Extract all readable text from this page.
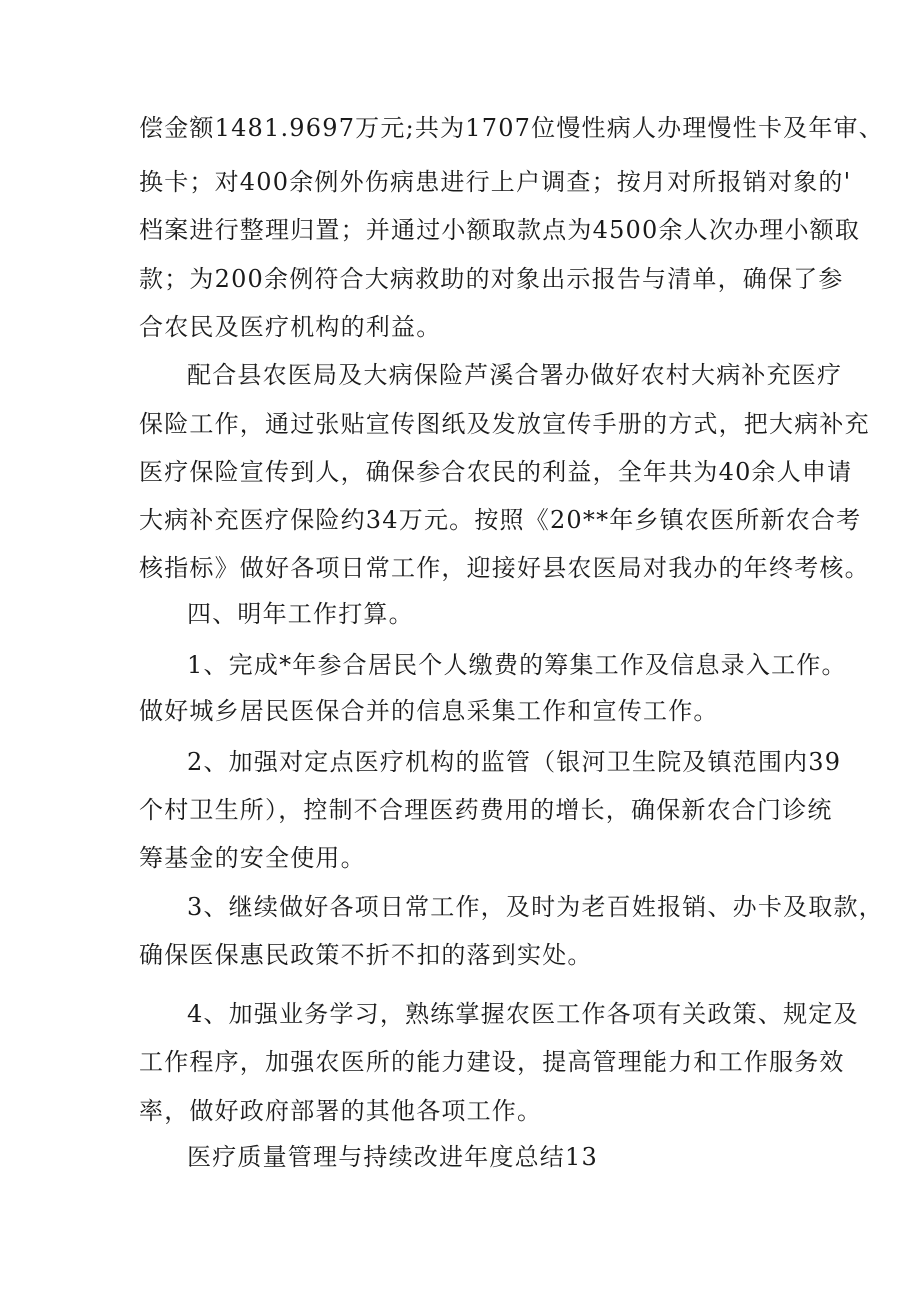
偿金额1481.9697万元;共为1707位慢性病人办理慢性卡及年审、
换卡；对400余例外伤病患进行上户调查；按月对所报销对象的'
档案进行整理归置；并通过小额取款点为4500余人次办理小额取
款；为200余例符合大病救助的对象出示报告与清单，确保了参
合农民及医疗机构的利益。
配合县农医局及大病保险芦溪合署办做好农村大病补充医疗
保险工作，通过张贴宣传图纸及发放宣传手册的方式，把大病补充
医疗保险宣传到人，确保参合农民的利益，全年共为40余人申请
大病补充医疗保险约34万元。按照《20**年乡镇农医所新农合考
核指标》做好各项日常工作，迎接好县农医局对我办的年终考核。
四、明年工作打算。
1、完成*年参合居民个人缴费的筹集工作及信息录入工作。
做好城乡居民医保合并的信息采集工作和宣传工作。
2、加强对定点医疗机构的监管（银河卫生院及镇范围内39
个村卫生所），控制不合理医药费用的增长，确保新农合门诊统
筹基金的安全使用。
3、继续做好各项日常工作，及时为老百姓报销、办卡及取款，
确保医保惠民政策不折不扣的落到实处。
4、加强业务学习，熟练掌握农医工作各项有关政策、规定及
工作程序，加强农医所的能力建设，提高管理能力和工作服务效
率，做好政府部署的其他各项工作。
医疗质量管理与持续改进年度总结13
